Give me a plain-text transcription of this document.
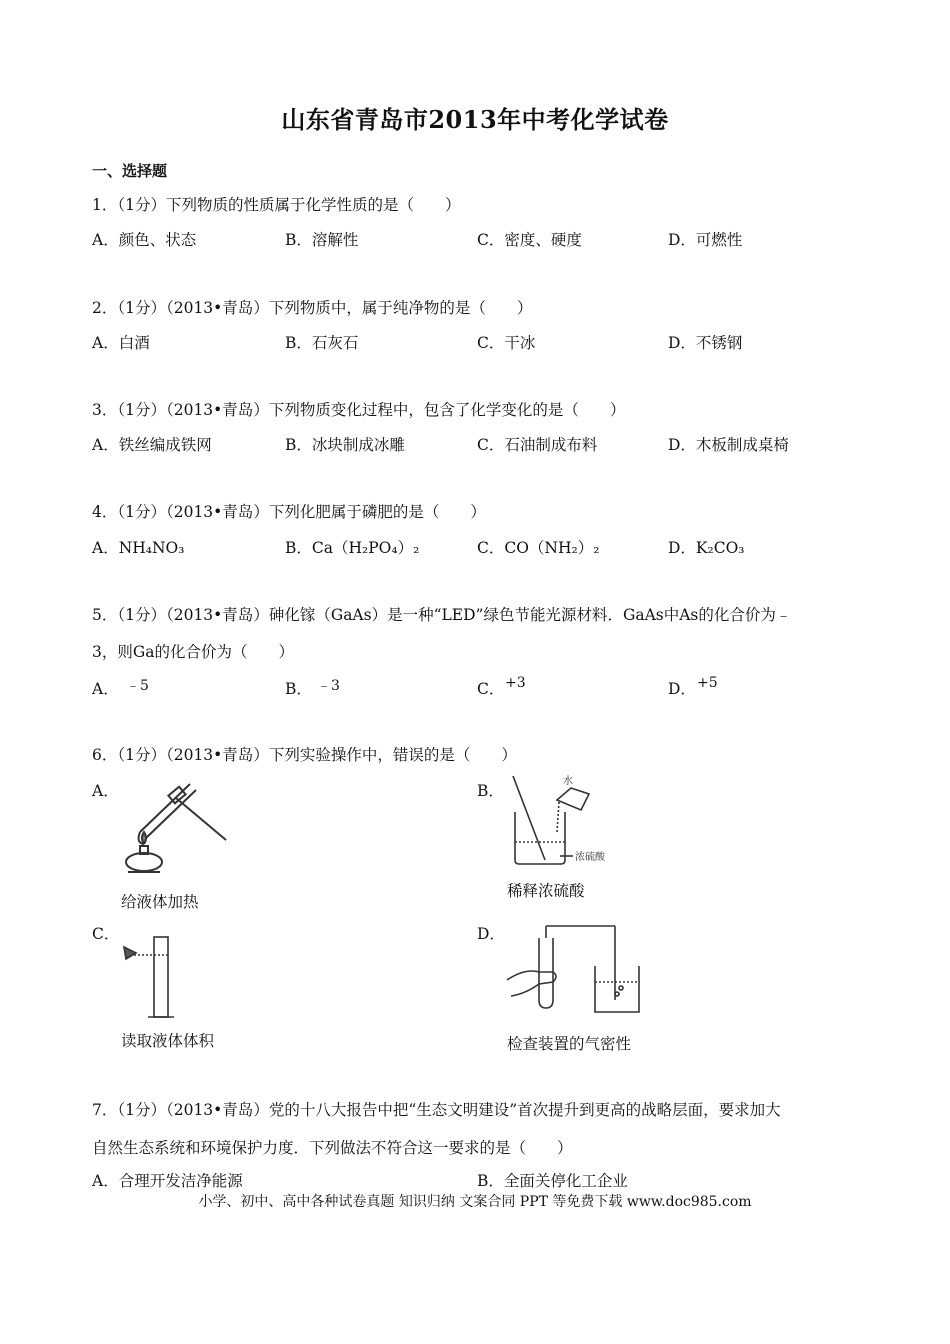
山东省青岛市2013年中考化学试卷
一、选择题
1．（1分）下列物质的性质属于化学性质的是（　　）
A．颜色、状态	B．溶解性	C．密度、硬度	D．可燃性
2．（1分）（2013•青岛）下列物质中，属于纯净物的是（　　）
A．白酒	B．石灰石	C．干冰	D．不锈钢
3．（1分）（2013•青岛）下列物质变化过程中，包含了化学变化的是（　　）
A．铁丝编成铁网	B．冰块制成冰雕	C．石油制成布料	D．木板制成桌椅
4．（1分）（2013•青岛）下列化肥属于磷肥的是（　　）
A．NH₄NO₃	B．Ca（H₂PO₄）₂	C．CO（NH₂）₂	D．K₂CO₃
5．（1分）（2013•青岛）砷化镓（GaAs）是一种“LED”绿色节能光源材料．GaAs中As的化合价为﹣
3，则Ga的化合价为（　　）
A． ﹣5	B． ﹣3	C． +3	D． +5
6．（1分）（2013•青岛）下列实验操作中，错误的是（　　）
A．	B．
C．	D．
给液体加热
水
浓硫酸
稀释浓硫酸
读取液体体积	检查装置的气密性
7．（1分）（2013•青岛）党的十八大报告中把“生态文明建设”首次提升到更高的战略层面，要求加大
自然生态系统和环境保护力度．下列做法不符合这一要求的是（　　）
A．合理开发洁净能源	B．全面关停化工企业
小学、初中、高中各种试卷真题 知识归纳 文案合同 PPT 等免费下载 www.doc985.com
